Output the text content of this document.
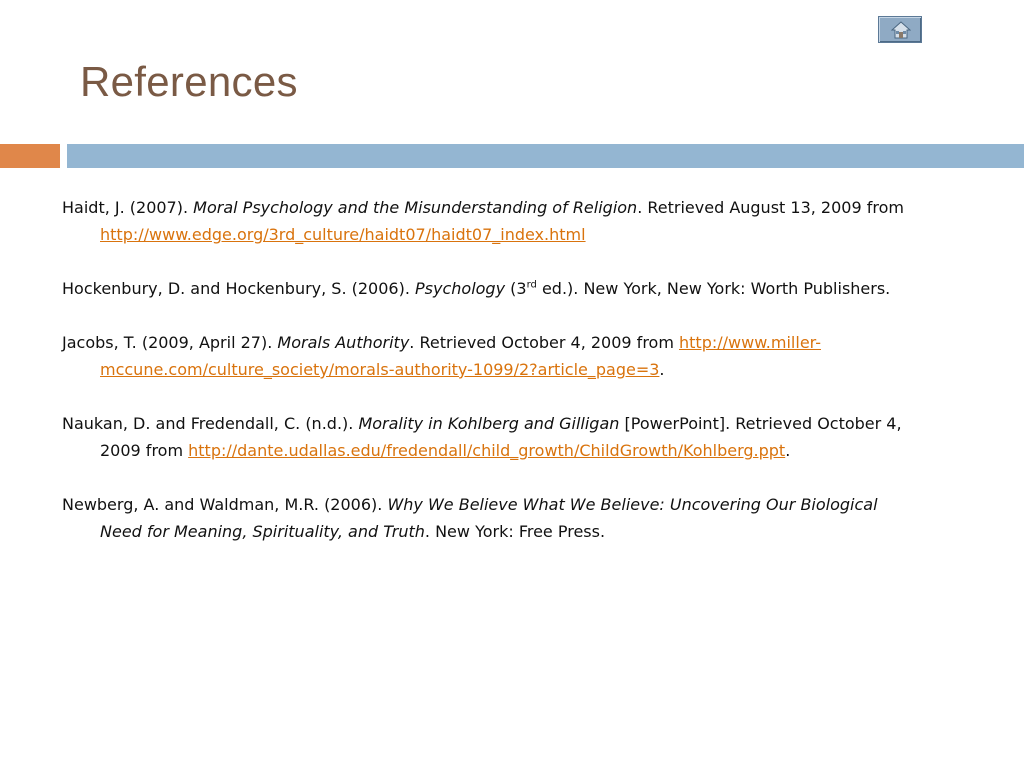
References

Haidt, J. (2007). Moral Psychology and the Misunderstanding of Religion. Retrieved August 13, 2009 from http://www.edge.org/3rd_culture/haidt07/haidt07_index.html

Hockenbury, D. and Hockenbury, S. (2006). Psychology (3rd ed.). New York, New York: Worth Publishers.

Jacobs, T. (2009, April 27). Morals Authority. Retrieved October 4, 2009 from http://www.miller-mccune.com/culture_society/morals-authority-1099/2?article_page=3.

Naukan, D. and Fredendall, C. (n.d.). Morality in Kohlberg and Gilligan [PowerPoint]. Retrieved October 4, 2009 from http://dante.udallas.edu/fredendall/child_growth/ChildGrowth/Kohlberg.ppt.

Newberg, A. and Waldman, M.R. (2006). Why We Believe What We Believe: Uncovering Our Biological Need for Meaning, Spirituality, and Truth. New York: Free Press.
